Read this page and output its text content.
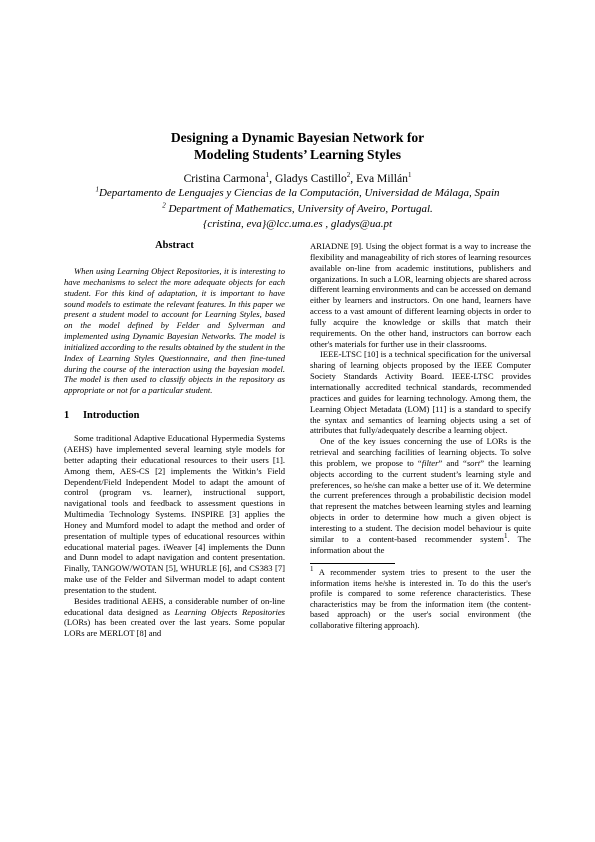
Designing a Dynamic Bayesian Network for
Modeling Students’ Learning Styles
Cristina Carmona$^1$, Gladys Castillo$^2$, Eva Millán$^1$
$^1$Departamento de Lenguajes y Ciencias de la Computación, Universidad de Málaga, Spain
$^2$ Department of Mathematics, University of Aveiro, Portugal.
{cristina, eva}@lcc.uma.es , gladys@ua.pt
Abstract

When using Learning Object Repositories, it is interesting to have mechanisms to select the more adequate objects for each student. For this kind of adaptation, it is important to have sound models to estimate the relevant features. In this paper we present a student model to account for Learning Styles, based on the model defined by Felder and Sylverman and implemented using Dynamic Bayesian Networks. The model is initialized according to the results obtained by the student in the Index of Learning Styles Questionnaire, and then fine-tuned during the course of the interaction using the bayesian model. The model is then used to classify objects in the repository as appropriate or not for a particular student.

1 Introduction

Some traditional Adaptive Educational Hypermedia Systems (AEHS) have implemented several learning style models for better adapting their educational resources to their users [1]. Among them, AES-CS [2] implements the Witkin’s Field Dependent/Field Independent Model to adapt the amount of control (program vs. learner), instructional support, navigational tools and feedback to assessment questions in Multimedia Technology Systems. INSPIRE [3] applies the Honey and Mumford model to adapt the method and order of presentation of multiple types of educational resources within educational material pages. iWeaver [4] implements the Dunn and Dunn model to adapt navigation and content presentation. Finally, TANGOW/WOTAN [5], WHURLE [6], and CS383 [7] make use of the Felder and Silverman model to adapt content presentation to the student.

Besides traditional AEHS, a considerable number of on-line educational data designed as Learning Objects Repositories (LORs) has been created over the last years. Some popular LORs are MERLOT [8] and

ARIADNE [9]. Using the object format is a way to increase the flexibility and manageability of rich stores of learning resources available on-line from academic institutions, publishers and organizations. In such a LOR, learning objects are shared across different learning environments and can be accessed on demand either by learners and instructors. On one hand, learners have access to a vast amount of different learning objects in order to fully acquire the knowledge or skills that match their requirements. On the other hand, instructors can borrow each other's materials for further use in their classrooms.

IEEE-LTSC [10] is a technical specification for the universal sharing of learning objects proposed by the IEEE Computer Society Standards Activity Board. IEEE-LTSC provides internationally accredited technical standards, recommended practices and guides for learning technology. Among them, the Learning Object Metadata (LOM) [11] is a standard to specify the syntax and semantics of learning objects using a set of attributes that fully/adequately describe a learning object.

One of the key issues concerning the use of LORs is the retrieval and searching facilities of learning objects. To solve this problem, we propose to “filter” and “sort” the learning objects according to the current student’s learning style and preferences, so he/she can make a better use of it. We determine the current preferences through a probabilistic decision model that represent the matches between learning styles and learning objects in order to determine how much a given object is interesting to a student. The decision model behaviour is quite similar to a content-based recommender system$^1$. The information about the

$^1$ A recommender system tries to present to the user the information items he/she is interested in. To do this the user's profile is compared to some reference characteristics. These characteristics may be from the information item (the content-based approach) or the user's social environment (the collaborative filtering approach).
